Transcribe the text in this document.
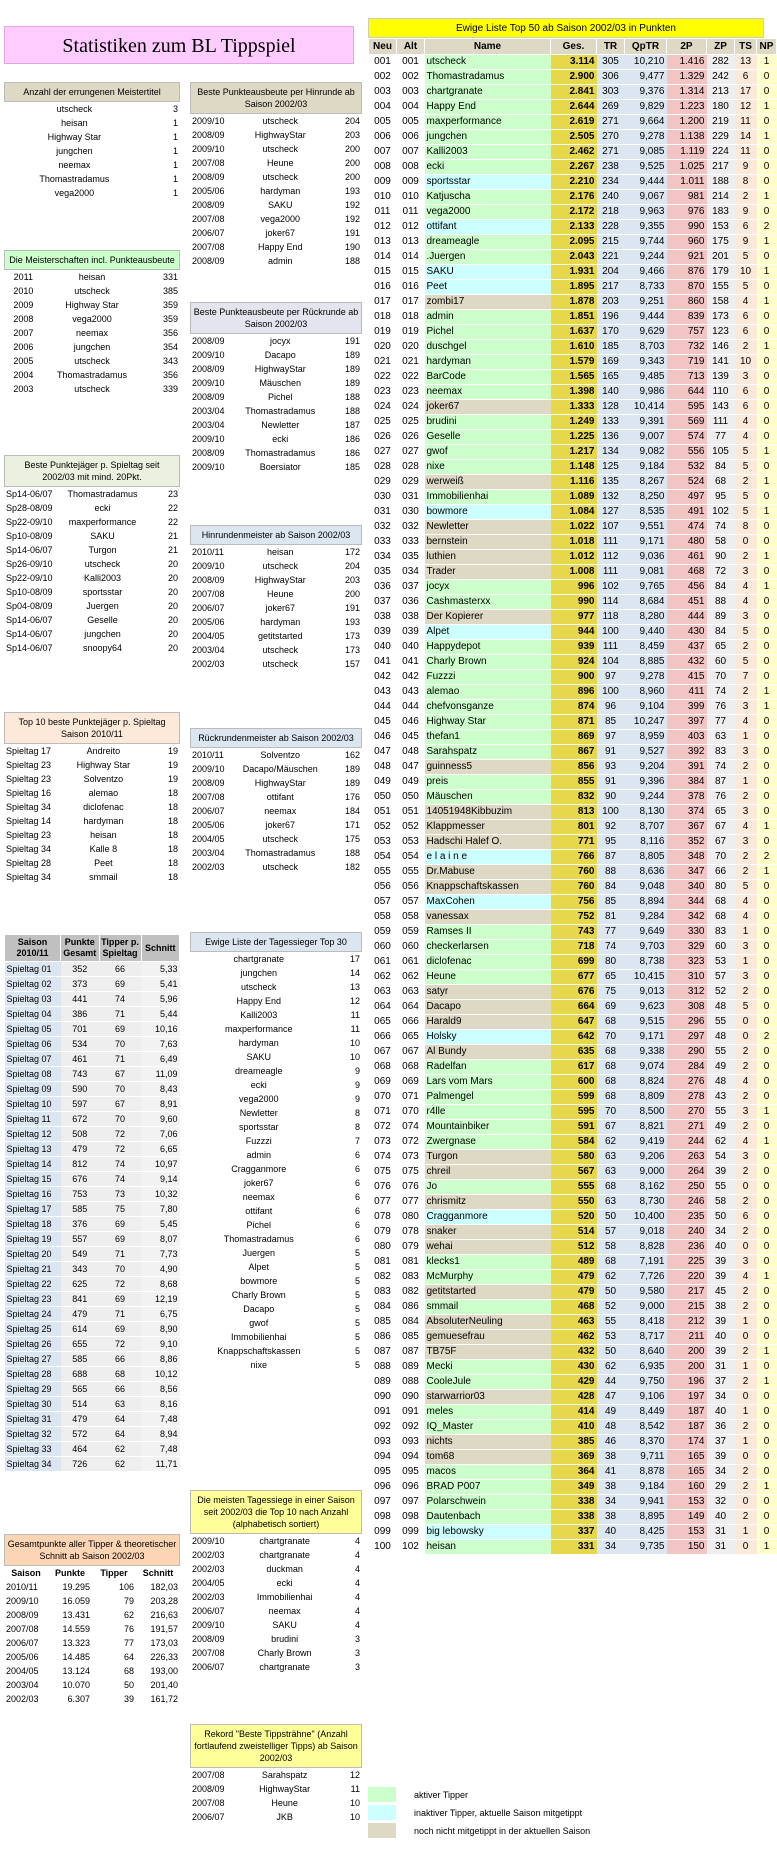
Statistiken zum BL Tippspiel
Anzahl der errungenen Meistertitel
utscheck	3
heisan	1
Highway Star	1
jungchen	1
neemax	1
Thomastradamus	1
vega2000	1
Die Meisterschaften incl. Punkteausbeute
2011	heisan	331
2010	utscheck	385
2009	Highway Star	359
2008	vega2000	359
2007	neemax	356
2006	jungchen	354
2005	utscheck	343
2004	Thomastradamus	356
2003	utscheck	339
Beste Punktejäger p. Spieltag seit 2002/03 mit mind. 20Pkt.
Sp14-06/07	Thomastradamus	23
Sp28-08/09	ecki	22
Sp22-09/10	maxperformance	22
Sp10-08/09	SAKU	21
Sp14-06/07	Turgon	21
Sp26-09/10	utscheck	20
Sp22-09/10	Kalli2003	20
Sp10-08/09	sportsstar	20
Sp04-08/09	Juergen	20
Sp14-06/07	Geselle	20
Sp14-06/07	jungchen	20
Sp14-06/07	snoopy64	20
Top 10 beste Punktejäger p. Spieltag Saison 2010/11
Spieltag 17	Andreito	19
Spieltag 23	Highway Star	19
Spieltag 23	Solventzo	19
Spieltag 16	alemao	18
Spieltag 34	diclofenac	18
Spieltag 14	hardyman	18
Spieltag 23	heisan	18
Spieltag 34	Kalle 8	18
Spieltag 28	Peet	18
Spieltag 34	smmail	18
Saison 2010/11	Punkte Gesamt	Tipper p. Spieltag	Schnitt
Spieltag 01	352	66	5,33
Spieltag 02	373	69	5,41
Spieltag 03	441	74	5,96
Spieltag 04	386	71	5,44
Spieltag 05	701	69	10,16
Spieltag 06	534	70	7,63
Spieltag 07	461	71	6,49
Spieltag 08	743	67	11,09
Spieltag 09	590	70	8,43
Spieltag 10	597	67	8,91
Spieltag 11	672	70	9,60
Spieltag 12	508	72	7,06
Spieltag 13	479	72	6,65
Spieltag 14	812	74	10,97
Spieltag 15	676	74	9,14
Spieltag 16	753	73	10,32
Spieltag 17	585	75	7,80
Spieltag 18	376	69	5,45
Spieltag 19	557	69	8,07
Spieltag 20	549	71	7,73
Spieltag 21	343	70	4,90
Spieltag 22	625	72	8,68
Spieltag 23	841	69	12,19
Spieltag 24	479	71	6,75
Spieltag 25	614	69	8,90
Spieltag 26	655	72	9,10
Spieltag 27	585	66	8,86
Spieltag 28	688	68	10,12
Spieltag 29	565	66	8,56
Spieltag 30	514	63	8,16
Spieltag 31	479	64	7,48
Spieltag 32	572	64	8,94
Spieltag 33	464	62	7,48
Spieltag 34	726	62	11,71
Gesamtpunkte aller Tipper & theoretischer Schnitt ab Saison 2002/03
Saison	Punkte	Tipper	Schnitt
2010/11	19.295	106	182,03
2009/10	16.059	79	203,28
2008/09	13.431	62	216,63
2007/08	14.559	76	191,57
2006/07	13.323	77	173,03
2005/06	14.485	64	226,33
2004/05	13.124	68	193,00
2003/04	10.070	50	201,40
2002/03	6.307	39	161,72
Beste Punkteausbeute per Hinrunde ab Saison 2002/03
2009/10	utscheck	204
2008/09	HighwayStar	203
2009/10	utscheck	200
2007/08	Heune	200
2008/09	utscheck	200
2005/06	hardyman	193
2008/09	SAKU	192
2007/08	vega2000	192
2006/07	joker67	191
2007/08	Happy End	190
2008/09	admin	188
Beste Punkteausbeute per Rückrunde ab Saison 2002/03
2008/09	jocyx	191
2009/10	Dacapo	189
2008/09	HighwayStar	189
2009/10	Mäuschen	189
2008/09	Pichel	188
2003/04	Thomastradamus	188
2003/04	Newletter	187
2009/10	ecki	186
2008/09	Thomastradamus	186
2009/10	Boersiator	185
Hinrundenmeister ab Saison 2002/03
2010/11	heisan	172
2009/10	utscheck	204
2008/09	HighwayStar	203
2007/08	Heune	200
2006/07	joker67	191
2005/06	hardyman	193
2004/05	getitstarted	173
2003/04	utscheck	173
2002/03	utscheck	157
Rückrundenmeister ab Saison 2002/03
2010/11	Solventzo	162
2009/10	Dacapo/Mäuschen	189
2008/09	HighwayStar	189
2007/08	ottifant	176
2006/07	neemax	184
2005/06	joker67	171
2004/05	utscheck	175
2003/04	Thomastradamus	188
2002/03	utscheck	182
Ewige Liste der Tagessieger Top 30
chartgranate	17
jungchen	14
utscheck	13
Happy End	12
Kalli2003	11
maxperformance	11
hardyman	10
SAKU	10
dreameagle	9
ecki	9
vega2000	9
Newletter	8
sportsstar	8
Fuzzzi	7
admin	6
Cragganmore	6
joker67	6
neemax	6
ottifant	6
Pichel	6
Thomastradamus	6
Juergen	5
Alpet	5
bowmore	5
Charly Brown	5
Dacapo	5
gwof	5
Immobilienhai	5
Knappschaftskassen	5
nixe	5
Die meisten Tagessiege in einer Saison seit 2002/03 die Top 10 nach Anzahl (alphabetisch sortiert)
2009/10	chartgranate	4
2002/03	chartgranate	4
2002/03	duckman	4
2004/05	ecki	4
2002/03	Immobilienhai	4
2006/07	neemax	4
2009/10	SAKU	4
2008/09	brudini	3
2007/08	Charly Brown	3
2006/07	chartgranate	3
Rekord "Beste Tippsträhne" (Anzahl fortlaufend zweistelliger Tipps) ab Saison 2002/03
2007/08	Sarahspatz	12
2008/09	HighwayStar	11
2007/08	Heune	10
2006/07	JKB	10
Ewige Liste Top 50 ab Saison 2002/03 in Punkten
Neu	Alt	Name	Ges.	TR	QpTR	2P	ZP	TS	NP
001	001	utscheck	3.114	305	10,210	1.416	282	13	1
002	002	Thomastradamus	2.900	306	9,477	1.329	242	6	0
003	003	chartgranate	2.841	303	9,376	1.314	213	17	0
004	004	Happy End	2.644	269	9,829	1.223	180	12	1
005	005	maxperformance	2.619	271	9,664	1.200	219	11	0
006	006	jungchen	2.505	270	9,278	1.138	229	14	1
007	007	Kalli2003	2.462	271	9,085	1.119	224	11	0
008	008	ecki	2.267	238	9,525	1.025	217	9	0
009	009	sportsstar	2.210	234	9,444	1.011	188	8	0
010	010	Katjuscha	2.176	240	9,067	981	214	2	1
011	011	vega2000	2.172	218	9,963	976	183	9	0
012	012	ottifant	2.133	228	9,355	990	153	6	2
013	013	dreameagle	2.095	215	9,744	960	175	9	1
014	014	.Juergen	2.043	221	9,244	921	201	5	0
015	015	SAKU	1.931	204	9,466	876	179	10	1
016	016	Peet	1.895	217	8,733	870	155	5	0
017	017	zombi17	1.878	203	9,251	860	158	4	1
018	018	admin	1.851	196	9,444	839	173	6	0
019	019	Pichel	1.637	170	9,629	757	123	6	0
020	020	duschgel	1.610	185	8,703	732	146	2	1
021	021	hardyman	1.579	169	9,343	719	141	10	0
022	022	BarCode	1.565	165	9,485	713	139	3	0
023	023	neemax	1.398	140	9,986	644	110	6	0
024	024	joker67	1.333	128	10,414	595	143	6	0
025	025	brudini	1.249	133	9,391	569	111	4	0
026	026	Geselle	1.225	136	9,007	574	77	4	0
027	027	gwof	1.217	134	9,082	556	105	5	1
028	028	nixe	1.148	125	9,184	532	84	5	0
029	029	werweiß	1.116	135	8,267	524	68	2	1
030	031	Immobilienhai	1.089	132	8,250	497	95	5	0
031	030	bowmore	1.084	127	8,535	491	102	5	1
032	032	Newletter	1.022	107	9,551	474	74	8	0
033	033	bernstein	1.018	111	9,171	480	58	0	0
034	035	luthien	1.012	112	9,036	461	90	2	1
035	034	Trader	1.008	111	9,081	468	72	3	0
036	037	jocyx	996	102	9,765	456	84	4	1
037	036	Cashmasterxx	990	114	8,684	451	88	4	0
038	038	Der Kopierer	977	118	8,280	444	89	3	0
039	039	Alpet	944	100	9,440	430	84	5	0
040	040	Happydepot	939	111	8,459	437	65	2	0
041	041	Charly Brown	924	104	8,885	432	60	5	0
042	042	Fuzzzi	900	97	9,278	415	70	7	0
043	043	alemao	896	100	8,960	411	74	2	1
044	044	chefvonsganze	874	96	9,104	399	76	3	1
045	046	Highway Star	871	85	10,247	397	77	4	0
046	045	thefan1	869	97	8,959	403	63	1	0
047	048	Sarahspatz	867	91	9,527	392	83	3	0
048	047	guinness5	856	93	9,204	391	74	2	0
049	049	preis	855	91	9,396	384	87	1	0
050	050	Mäuschen	832	90	9,244	378	76	2	0
051	051	14051948Kibbuzim	813	100	8,130	374	65	3	0
052	052	Klappmesser	801	92	8,707	367	67	4	1
053	053	Hadschi Halef O.	771	95	8,116	352	67	3	0
054	054	e l a i n e	766	87	8,805	348	70	2	2
055	055	Dr.Mabuse	760	88	8,636	347	66	2	1
056	056	Knappschaftskassen	760	84	9,048	340	80	5	0
057	057	MaxCohen	756	85	8,894	344	68	4	0
058	058	vanessax	752	81	9,284	342	68	4	0
059	059	Ramses II	743	77	9,649	330	83	1	0
060	060	checkerlarsen	718	74	9,703	329	60	3	0
061	061	diclofenac	699	80	8,738	323	53	1	0
062	062	Heune	677	65	10,415	310	57	3	0
063	063	satyr	676	75	9,013	312	52	2	0
064	064	Dacapo	664	69	9,623	308	48	5	0
065	066	Harald9	647	68	9,515	296	55	0	0
066	065	Holsky	642	70	9,171	297	48	0	2
067	067	Al Bundy	635	68	9,338	290	55	2	0
068	068	Radelfan	617	68	9,074	284	49	2	0
069	069	Lars vom Mars	600	68	8,824	276	48	4	0
070	071	Palmengel	599	68	8,809	278	43	2	0
071	070	r4lle	595	70	8,500	270	55	3	1
072	074	Mountainbiker	591	67	8,821	271	49	2	0
073	072	Zwergnase	584	62	9,419	244	62	4	1
074	073	Turgon	580	63	9,206	263	54	3	0
075	075	chreil	567	63	9,000	264	39	2	0
076	076	Jo	555	68	8,162	250	55	0	0
077	077	chrismitz	550	63	8,730	246	58	2	0
078	080	Cragganmore	520	50	10,400	235	50	6	0
079	078	snaker	514	57	9,018	240	34	2	0
080	079	wehai	512	58	8,828	236	40	0	0
081	081	klecks1	489	68	7,191	225	39	3	0
082	083	McMurphy	479	62	7,726	220	39	4	1
083	082	getitstarted	479	50	9,580	217	45	2	0
084	086	smmail	468	52	9,000	215	38	2	0
085	084	AbsoluterNeuling	463	55	8,418	212	39	1	0
086	085	gemuesefrau	462	53	8,717	211	40	0	0
087	087	TB75F	432	50	8,640	200	39	2	1
088	089	Mecki	430	62	6,935	200	31	1	0
089	088	CooleJule	429	44	9,750	196	37	2	1
090	090	starwarrior03	428	47	9,106	197	34	0	0
091	091	meles	414	49	8,449	187	40	1	0
092	092	IQ_Master	410	48	8,542	187	36	2	0
093	093	nichts	385	46	8,370	174	37	1	0
094	094	tom68	369	38	9,711	165	39	0	0
095	095	macos	364	41	8,878	165	34	2	0
096	096	BRAD P007	349	38	9,184	160	29	2	1
097	097	Polarschwein	338	34	9,941	153	32	0	0
098	098	Dautenbach	338	38	8,895	149	40	2	0
099	099	big lebowsky	337	40	8,425	153	31	1	0
100	102	heisan	331	34	9,735	150	31	0	1
aktiver Tipper
inaktiver Tipper, aktuelle Saison mitgetippt
noch nicht mitgetippt in der aktuellen Saison
